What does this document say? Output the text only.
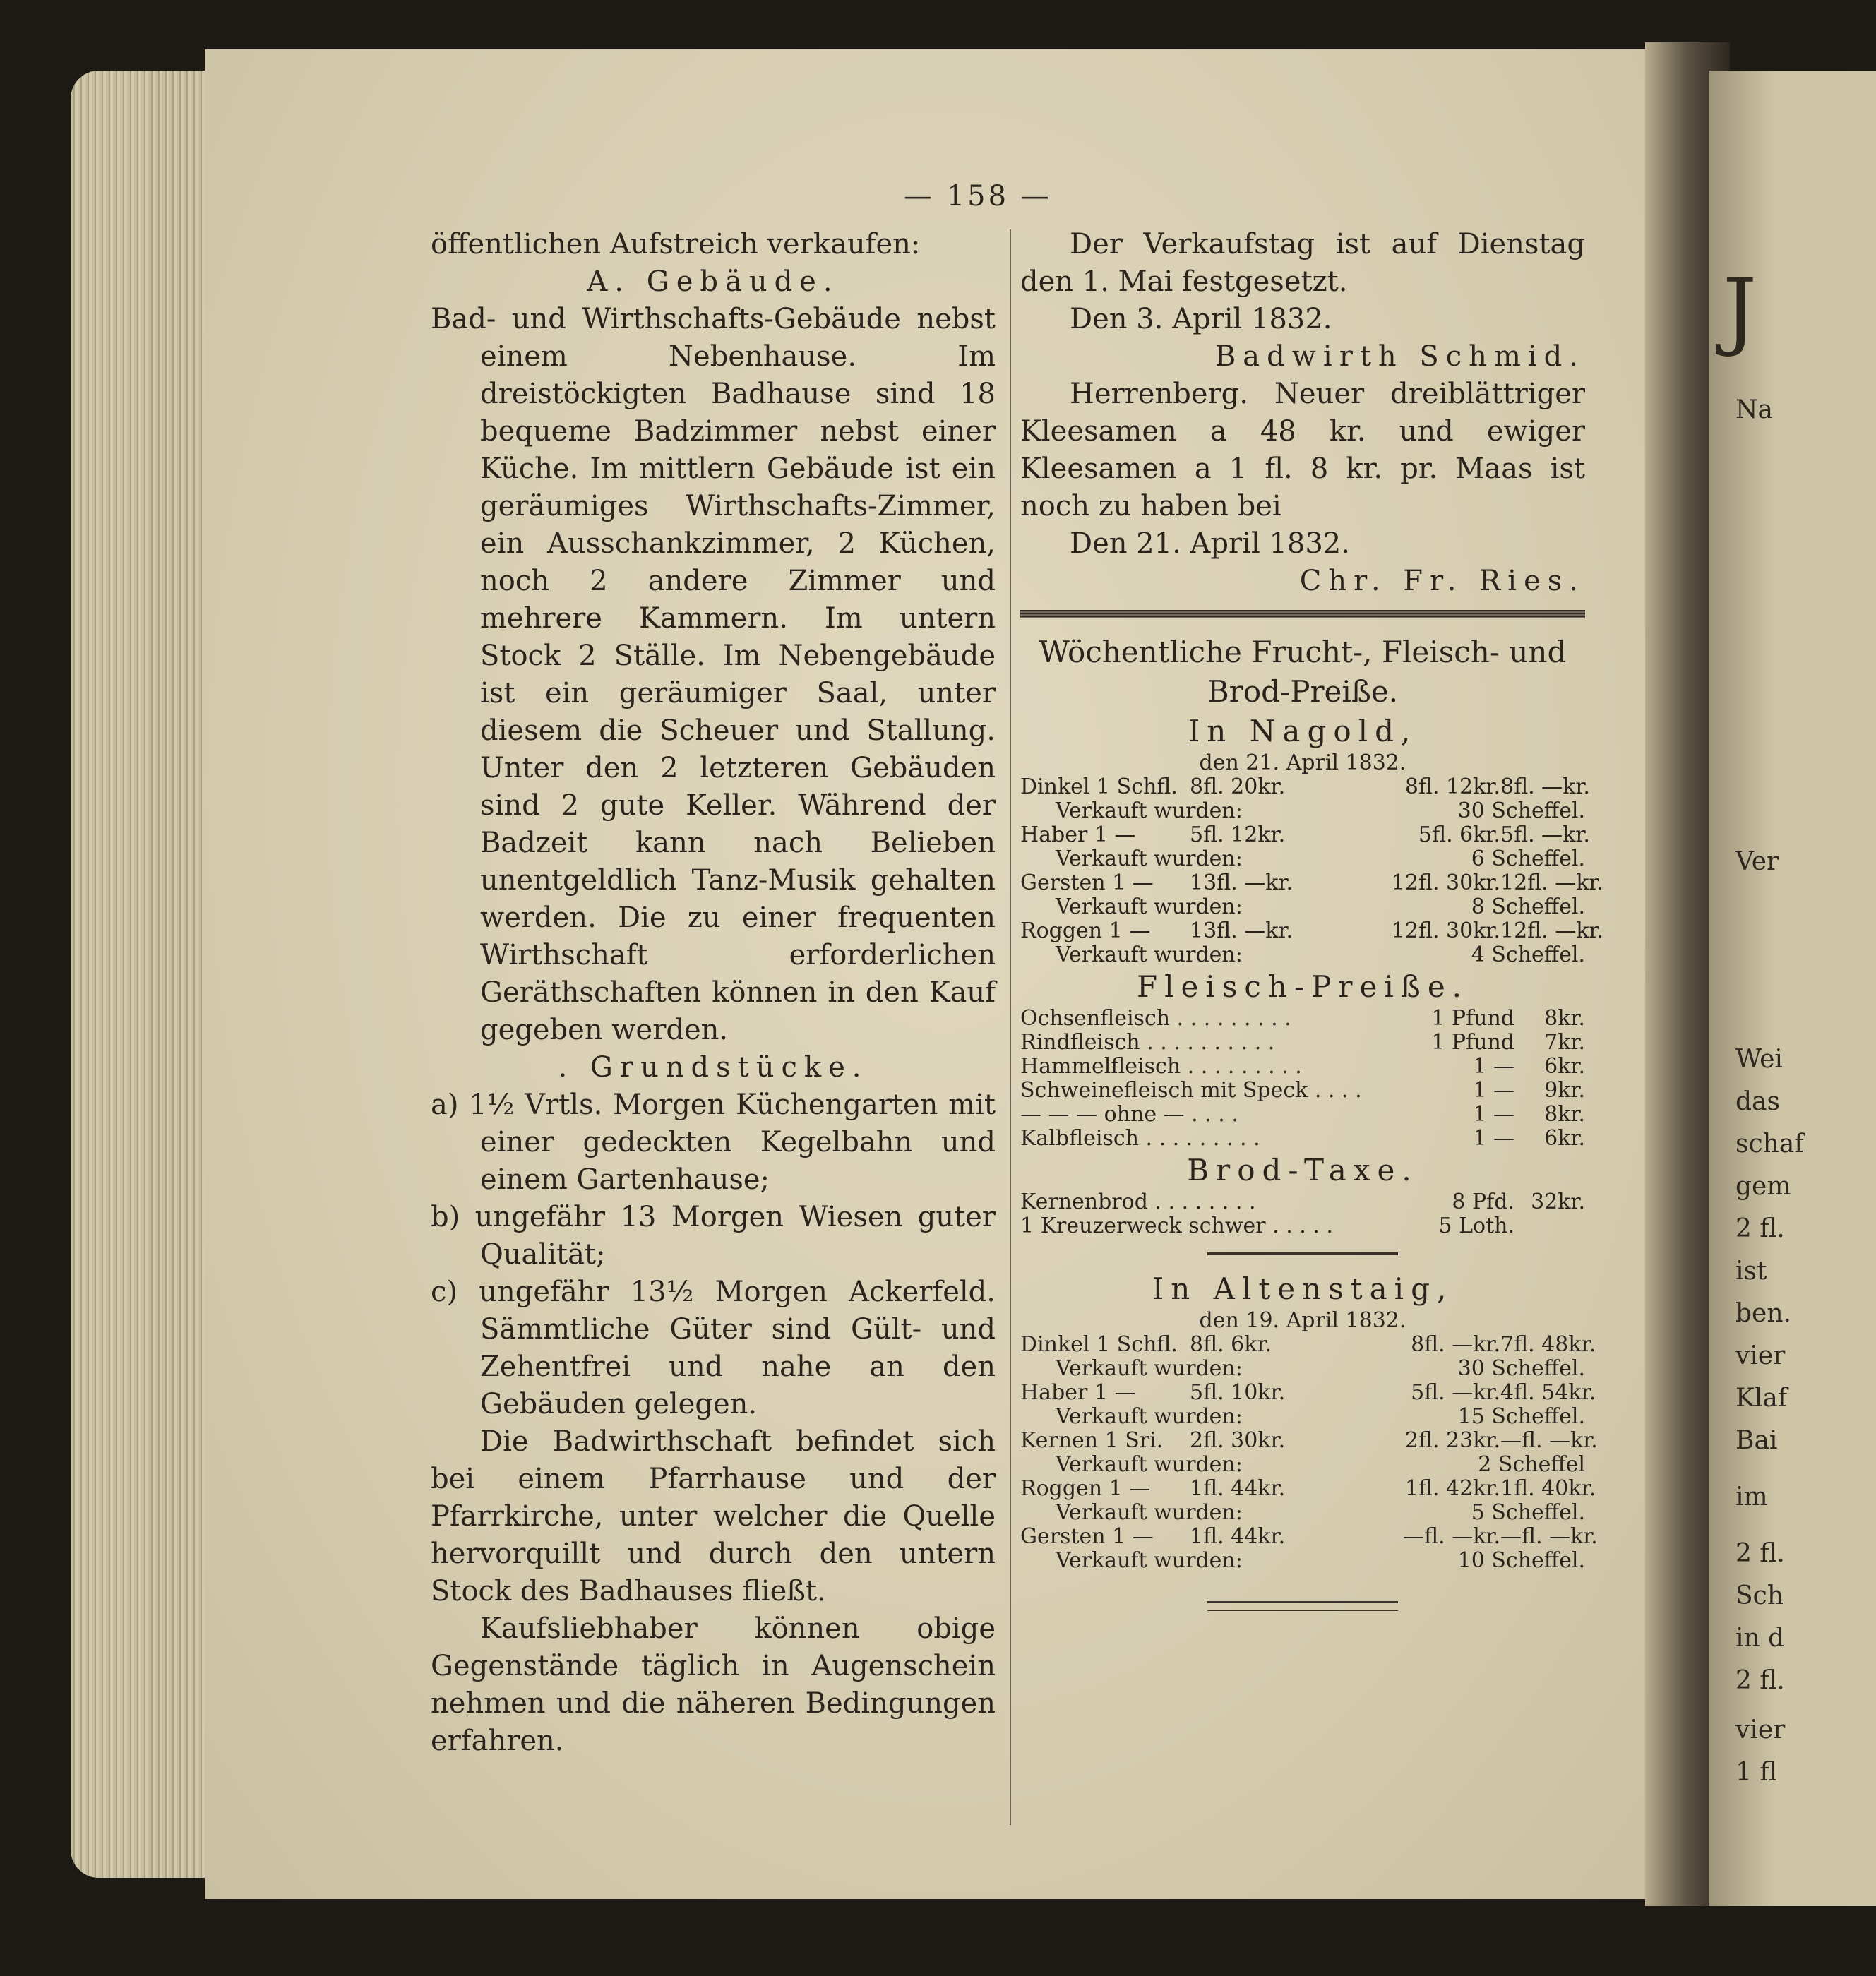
J
Na
Ver
Wei
das
schaf
gem
2 fl.
ist
ben.
vier
Klaf
Bai
im
2 fl.
Sch
in d
2 fl.
vier
1 fl
— 158 —

öffentlichen Aufstreich verkaufen:

A. Gebäude.

Bad- und Wirthschafts-Gebäude nebst einem Nebenhause. Im dreistöckigten Badhause sind 18 bequeme Badzimmer nebst einer Küche. Im mittlern Gebäude ist ein geräumiges Wirthschafts-Zimmer, ein Ausschankzimmer, 2 Küchen, noch 2 andere Zimmer und mehrere Kammern. Im untern Stock 2 Ställe. Im Nebengebäude ist ein geräumiger Saal, unter diesem die Scheuer und Stallung. Unter den 2 letzteren Gebäuden sind 2 gute Keller. Während der Badzeit kann nach Belieben unentgeldlich Tanz-Musik gehalten werden. Die zu einer frequenten Wirthschaft erforderlichen Geräthschaften können in den Kauf gegeben werden.

. Grundstücke.

a) 1½ Vrtls. Morgen Küchengarten mit einer gedeckten Kegelbahn und einem Gartenhause;

b) ungefähr 13 Morgen Wiesen guter Qualität;

c) ungefähr 13½ Morgen Ackerfeld. Sämmtliche Güter sind Gült- und Zehentfrei und nahe an den Gebäuden gelegen.

Die Badwirthschaft befindet sich bei einem Pfarrhause und der Pfarrkirche, unter welcher die Quelle hervorquillt und durch den untern Stock des Badhauses fließt.

Kaufsliebhaber können obige Gegenstände täglich in Augenschein nehmen und die näheren Bedingungen erfahren.

Der Verkaufstag ist auf Dienstag den 1. Mai festgesetzt.

Den 3. April 1832.

Badwirth Schmid.

Herrenberg. Neuer dreiblättriger Kleesamen a 48 kr. und ewiger Kleesamen a 1 fl. 8 kr. pr. Maas ist noch zu haben bei

Den 21. April 1832.

Chr. Fr. Ries.

Wöchentliche Frucht-, Fleisch- und Brod-Preiße.

In Nagold,

den 21. April 1832.

Dinkel 1 Schfl. 8fl. 20kr.	8fl. 12kr. 8fl. —kr.
Verkauft wurden:	30 Scheffel.
Haber 1 —	5fl. 12kr.	5fl. 6kr. 5fl. —kr.
Verkauft wurden:	6 Scheffel.
Gersten 1 —	13fl. —kr.	12fl. 30kr. 12fl. —kr.
Verkauft wurden:	8 Scheffel.
Roggen 1 —	13fl. —kr.	12fl. 30kr. 12fl. —kr.
Verkauft wurden:	4 Scheffel.

Fleisch-Preiße.

Ochsenfleisch . . . . . . . . .	1 Pfund	8kr.
Rindfleisch . . . . . . . . . .	1 Pfund	7kr.
Hammelfleisch . . . . . . . . .	1 —	6kr.
Schweinefleisch mit Speck . . . .	1 —	9kr.
— — — ohne — . . . .	1 —	8kr.
Kalbfleisch . . . . . . . . .	1 —	6kr.

Brod-Taxe.

Kernenbrod . . . . . . . .	8 Pfd. 32kr.
1 Kreuzerweck schwer . . . . .	5 Loth.

In Altenstaig,

den 19. April 1832.

Dinkel 1 Schfl. 8fl. 6kr.	8fl. —kr. 7fl. 48kr.
Verkauft wurden:	30 Scheffel.
Haber 1 —	5fl. 10kr.	5fl. —kr. 4fl. 54kr.
Verkauft wurden:	15 Scheffel.
Kernen 1 Sri.	2fl. 30kr.	2fl. 23kr. —fl. —kr.
Verkauft wurden:	2 Scheffel
Roggen 1 —	1fl. 44kr.	1fl. 42kr. 1fl. 40kr.
Verkauft wurden:	5 Scheffel.
Gersten 1 —	1fl. 44kr.	—fl. —kr. —fl. —kr.
Verkauft wurden:	10 Scheffel.
